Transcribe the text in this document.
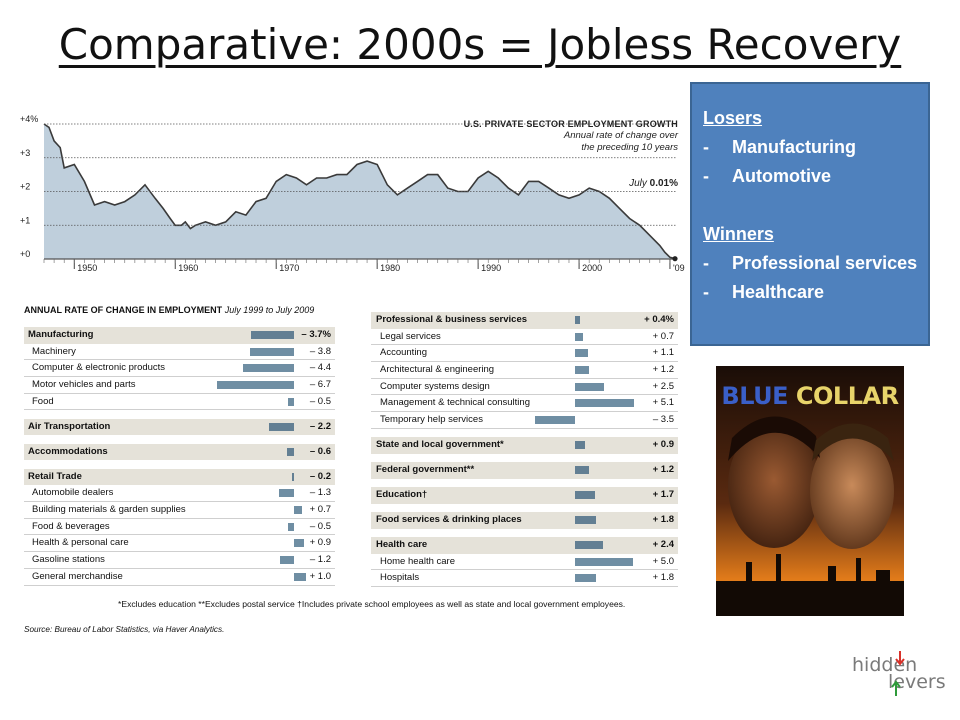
Comparative: 2000s = Jobless Recovery
+0
+1
+2
+3
+4%
1950	1960	1970	1980	1990	2000	'09
U.S. PRIVATE SECTOR EMPLOYMENT GROWTH
Annual rate of change over
the preceding 10 years
July 0.01%
ANNUAL RATE OF CHANGE IN EMPLOYMENT July 1999 to July 2009
Manufacturing	– 3.7%
Machinery	– 3.8
Computer & electronic products	– 4.4
Motor vehicles and parts	– 6.7
Food	– 0.5
Air Transportation	– 2.2
Accommodations	– 0.6
Retail Trade	– 0.2
Automobile dealers	– 1.3
Building materials & garden supplies	+ 0.7
Food & beverages	– 0.5
Health & personal care	+ 0.9
Gasoline stations	– 1.2
General merchandise	+ 1.0
Professional & business services	+ 0.4%
Legal services	+ 0.7
Accounting	+ 1.1
Architectural & engineering	+ 1.2
Computer systems design	+ 2.5
Management & technical consulting	+ 5.1
Temporary help services	– 3.5
State and local government*	+ 0.9
Federal government**	+ 1.2
Education†	+ 1.7
Food services & drinking places	+ 1.8
Health care	+ 2.4
Home health care	+ 5.0
Hospitals	+ 1.8
*Excludes education **Excludes postal service †Includes private school employees as well as state and local government employees.
Source: Bureau of Labor Statistics, via Haver Analytics.
Losers
-	Manufacturing
-	Automotive
Winners
-	Professional services
-	Healthcare
BLUE COLLAR
hidden
levers
